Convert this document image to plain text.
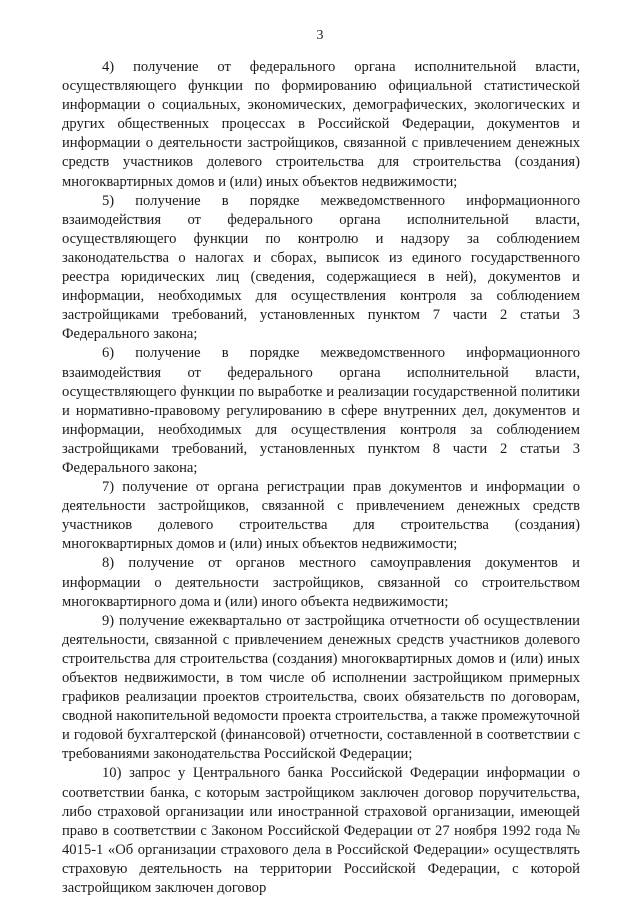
3

4) получение от федерального органа исполнительной власти, осуществляющего функции по формированию официальной статистической информации о социальных, экономических, демографических, экологических и других общественных процессах в Российской Федерации, документов и информации о деятельности застройщиков, связанной с привлечением денежных средств участников долевого строительства для строительства (создания) многоквартирных домов и (или) иных объектов недвижимости;

5) получение в порядке межведомственного информационного взаимодействия от федерального органа исполнительной власти, осуществляющего функции по контролю и надзору за соблюдением законодательства о налогах и сборах, выписок из единого государственного реестра юридических лиц (сведения, содержащиеся в ней), документов и информации, необходимых для осуществления контроля за соблюдением застройщиками требований, установленных пунктом 7 части 2 статьи 3 Федерального закона;

6) получение в порядке межведомственного информационного взаимодействия от федерального органа исполнительной власти, осуществляющего функции по выработке и реализации государственной политики и нормативно-правовому регулированию в сфере внутренних дел, документов и информации, необходимых для осуществления контроля за соблюдением застройщиками требований, установленных пунктом 8 части 2 статьи 3 Федерального закона;

7) получение от органа регистрации прав документов и информации о деятельности застройщиков, связанной с привлечением денежных средств участников долевого строительства для строительства (создания) многоквартирных домов и (или) иных объектов недвижимости;

8) получение от органов местного самоуправления документов и информации о деятельности застройщиков, связанной со строительством многоквартирного дома и (или) иного объекта недвижимости;

9) получение ежеквартально от застройщика отчетности об осуществлении деятельности, связанной с привлечением денежных средств участников долевого строительства для строительства (создания) многоквартирных домов и (или) иных объектов недвижимости, в том числе об исполнении застройщиком примерных графиков реализации проектов строительства, своих обязательств по договорам, сводной накопительной ведомости проекта строительства, а также промежуточной и годовой бухгалтерской (финансовой) отчетности, составленной в соответствии с требованиями законодательства Российской Федерации;

10) запрос у Центрального банка Российской Федерации информации о соответствии банка, с которым застройщиком заключен договор поручительства, либо страховой организации или иностранной страховой организации, имеющей право в соответствии с Законом Российской Федерации от 27 ноября 1992 года № 4015-1 «Об организации страхового дела в Российской Федерации» осуществлять страховую деятельность на территории Российской Федерации, с которой застройщиком заключен договор
